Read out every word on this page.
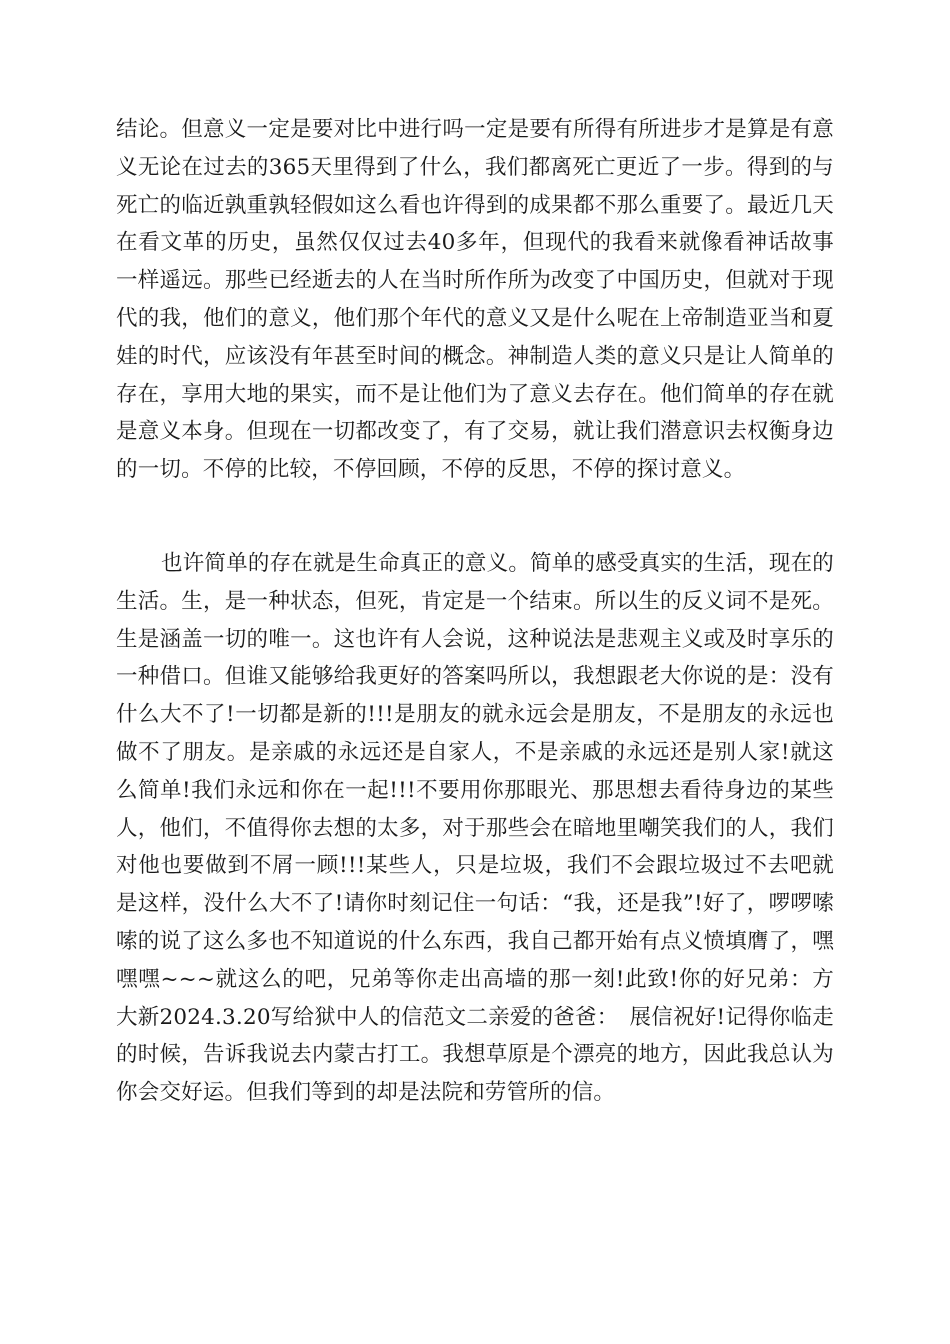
结论。但意义一定是要对比中进行吗一定是要有所得有所进步才是算是有意义无论在过去的365天里得到了什么，我们都离死亡更近了一步。得到的与死亡的临近孰重孰轻假如这么看也许得到的成果都不那么重要了。最近几天在看文革的历史，虽然仅仅过去40多年，但现代的我看来就像看神话故事一样遥远。那些已经逝去的人在当时所作所为改变了中国历史，但就对于现代的我，他们的意义，他们那个年代的意义又是什么呢在上帝制造亚当和夏娃的时代，应该没有年甚至时间的概念。神制造人类的意义只是让人简单的存在，享用大地的果实，而不是让他们为了意义去存在。他们简单的存在就是意义本身。但现在一切都改变了，有了交易，就让我们潜意识去权衡身边的一切。不停的比较，不停回顾，不停的反思，不停的探讨意义。

也许简单的存在就是生命真正的意义。简单的感受真实的生活，现在的生活。生，是一种状态，但死，肯定是一个结束。所以生的反义词不是死。生是涵盖一切的唯一。这也许有人会说，这种说法是悲观主义或及时享乐的一种借口。但谁又能够给我更好的答案吗所以，我想跟老大你说的是：没有什么大不了!一切都是新的!!!是朋友的就永远会是朋友，不是朋友的永远也做不了朋友。是亲戚的永远还是自家人，不是亲戚的永远还是别人家!就这么简单!我们永远和你在一起!!!不要用你那眼光、那思想去看待身边的某些人，他们，不值得你去想的太多，对于那些会在暗地里嘲笑我们的人，我们对他也要做到不屑一顾!!!某些人，只是垃圾，我们不会跟垃圾过不去吧就是这样，没什么大不了!请你时刻记住一句话：“我，还是我”!好了，啰啰嗦嗦的说了这么多也不知道说的什么东西，我自己都开始有点义愤填膺了，嘿嘿嘿~~~就这么的吧，兄弟等你走出高墙的那一刻!此致!你的好兄弟：方大新2024.3.20写给狱中人的信范文二亲爱的爸爸：　展信祝好!记得你临走的时候，告诉我说去内蒙古打工。我想草原是个漂亮的地方，因此我总认为你会交好运。但我们等到的却是法院和劳管所的信。
